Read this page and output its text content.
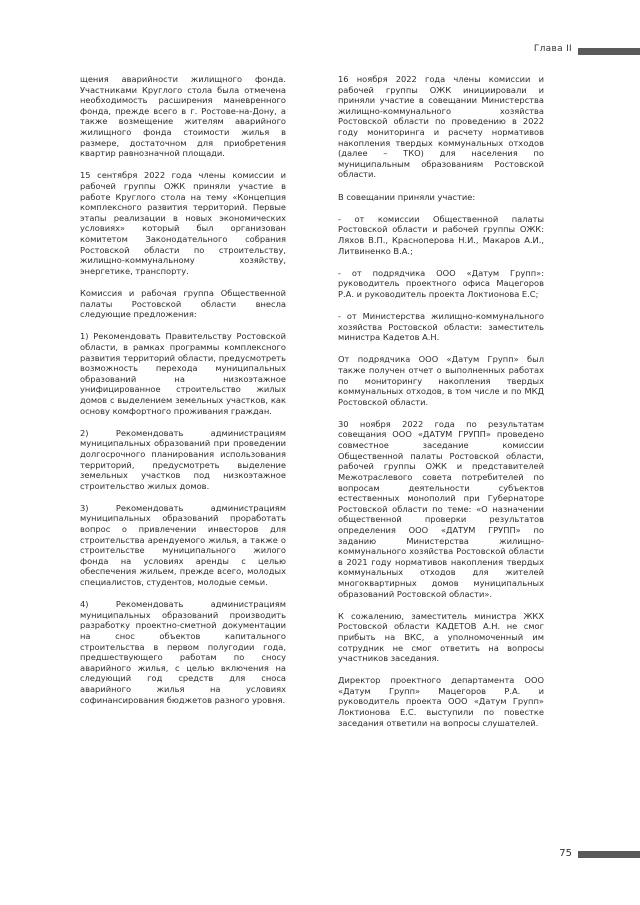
Глава II

щения аварийности жилищного фонда. Участниками Круглого стола была отмечена необходимость расширения маневренного фонда, прежде всего в г. Ростове-на-Дону, а также возмещение жителям аварийного жилищного фонда стоимости жилья в размере, достаточном для приобретения квартир равнозначной площади.

15 сентября 2022 года члены комиссии и рабочей группы ОЖК приняли участие в работе Круглого стола на тему «Концепция комплексного развития территорий. Первые этапы реализации в новых экономических условиях» который был организован комитетом Законодательного собрания Ростовской области по строительству, жилищно-коммунальному хозяйству, энергетике, транспорту.

Комиссия и рабочая группа Общественной палаты Ростовской области внесла следующие предложения:

1) Рекомендовать Правительству Ростовской области, в рамках программы комплексного развития территорий области, предусмотреть возможность перехода муниципальных образований на низкоэтажное унифицированное строительство жилых домов с выделением земельных участков, как основу комфортного проживания граждан.

2) Рекомендовать администрациям муниципальных образований при проведении долгосрочного планирования использования территорий, предусмотреть выделение земельных участков под низкоэтажное строительство жилых домов.

3) Рекомендовать администрациям муниципальных образований проработать вопрос о привлечении инвесторов для строительства арендуемого жилья, а также о строительстве муниципального жилого фонда на условиях аренды с целью обеспечения жильем, прежде всего, молодых специалистов, студентов, молодые семьи.

4) Рекомендовать администрациям муниципальных образований производить разработку проектно-сметной документации на снос объектов капитального строительства в первом полугодии года, предшествующего работам по сносу аварийного жилья, с целью включения на следующий год средств для сноса аварийного жилья на условиях софинансирования бюджетов разного уровня.

16 ноября 2022 года члены комиссии и рабочей группы ОЖК инициировали и приняли участие в совещании Министерства жилищно-коммунального хозяйства Ростовской области по проведению в 2022 году мониторинга и расчету нормативов накопления твердых коммунальных отходов (далее – ТКО) для населения по муниципальным образованиям Ростовской области.

В совещании приняли участие:

- от комиссии Общественной палаты Ростовской области и рабочей группы ОЖК: Ляхов В.П., Краснопеpова Н.И., Макаров А.И., Литвиненко В.А.;

- от подрядчика ООО «Датум Групп»: руководитель проектного офиса Мацегоров Р.А. и руководитель проекта Локтионова Е.С;

- от Министерства жилищно-коммунального хозяйства Ростовской области: заместитель министра Кадетов А.Н.

От подрядчика ООО «Датум Групп» был также получен отчет о выполненных работах по мониторингу накопления твердых коммунальных отходов, в том числе и по МКД Ростовской области.

30 ноября 2022 года по результатам совещания ООО «ДАТУМ ГРУПП» проведено совместное заседание комиссии Общественной палаты Ростовской области, рабочей группы ОЖК и представителей Межотраслевого совета потребителей по вопросам деятельности субъектов естественных монополий при Губернаторе Ростовской области по теме: «О назначении общественной проверки результатов определения ООО «ДАТУМ ГРУПП» по заданию Министерства жилищно-коммунального хозяйства Ростовской области в 2021 году нормативов накопления твердых коммунальных отходов для жителей многоквартирных домов муниципальных образований Ростовской области».

К сожалению, заместитель министра ЖКХ Ростовской области КАДЕТОВ А.Н. не смог прибыть на ВКС, а уполномоченный им сотрудник не смог ответить на вопросы участников заседания.

Директор проектного департамента ООО «Датум Групп» Мацегоров Р.А. и руководитель проекта ООО «Датум Групп» Локтионова Е.С. выступили по повестке заседания ответили на вопросы слушателей.

75
